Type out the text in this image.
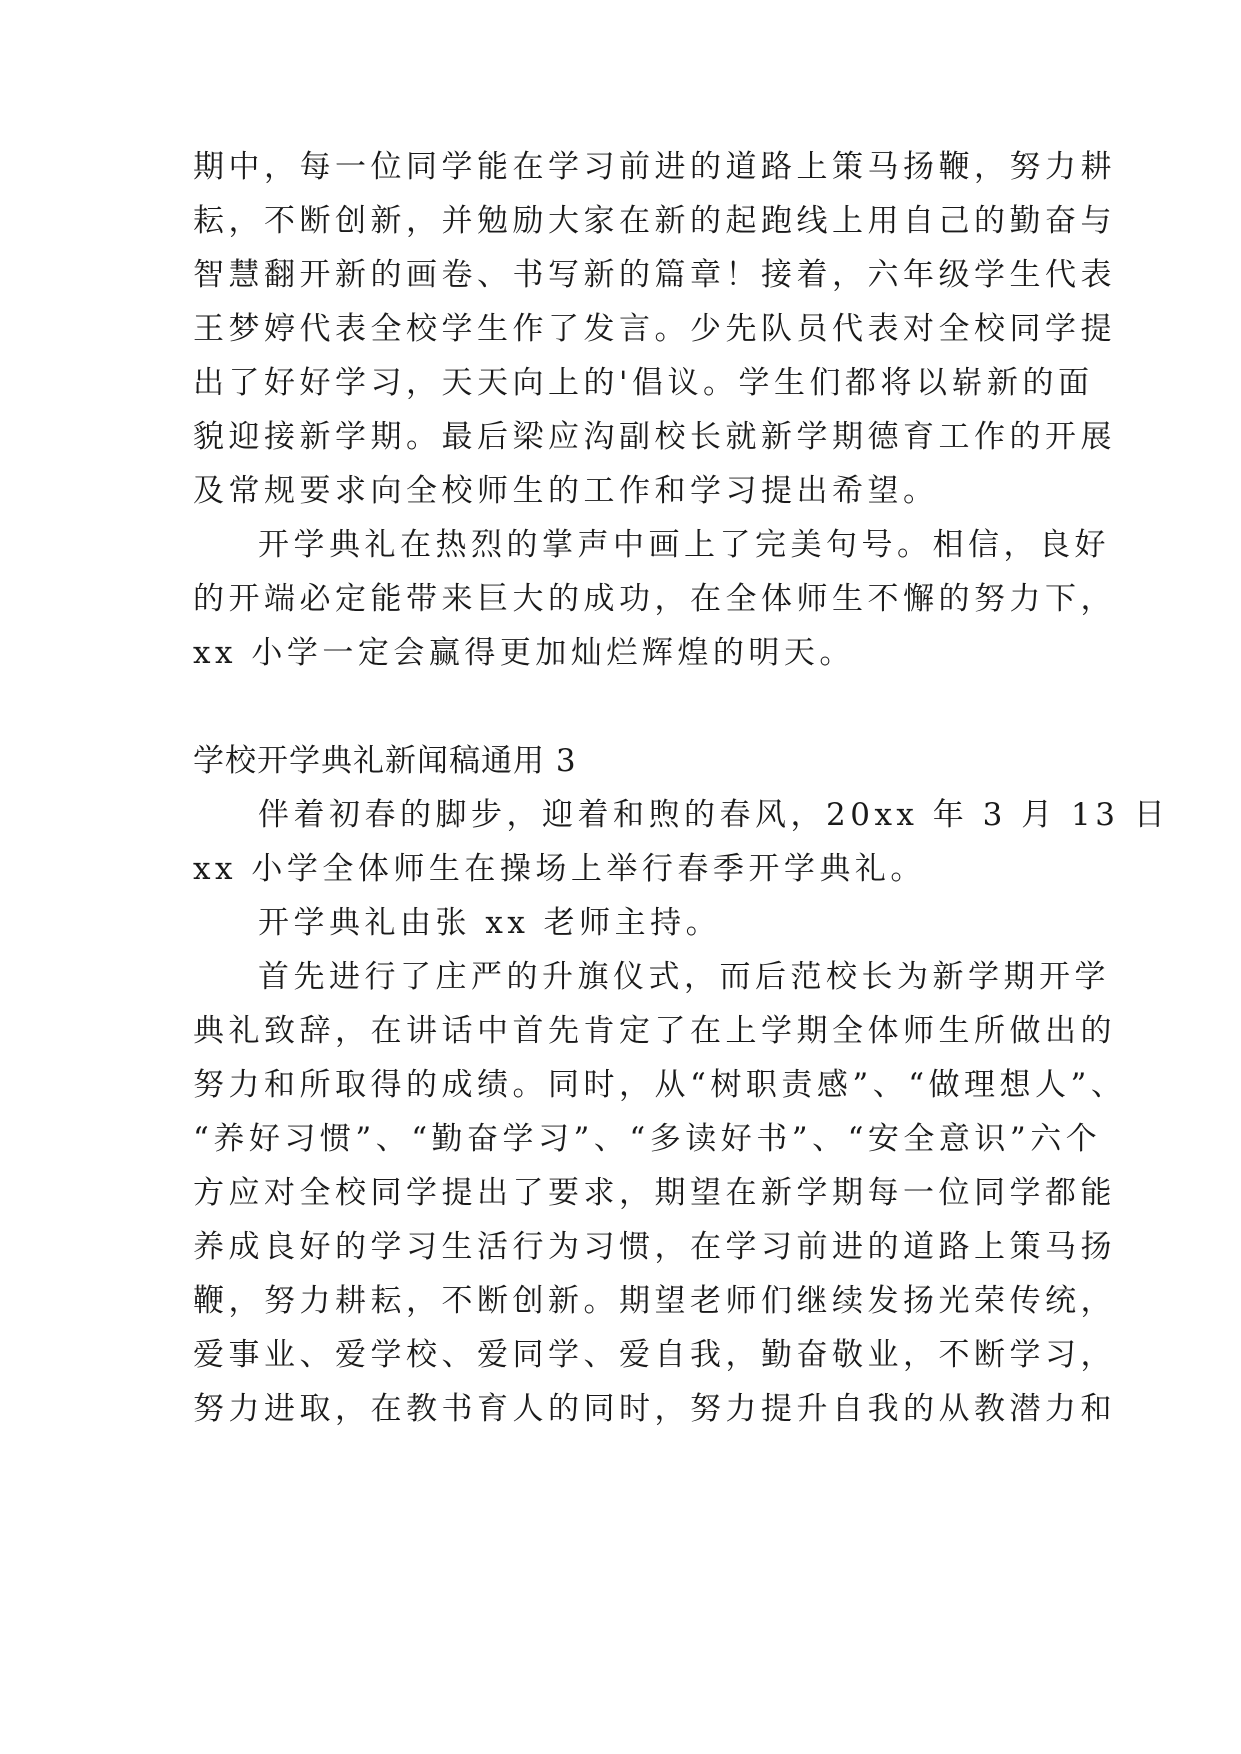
期中，每一位同学能在学习前进的道路上策马扬鞭，努力耕
耘，不断创新，并勉励大家在新的起跑线上用自己的勤奋与
智慧翻开新的画卷、书写新的篇章！接着，六年级学生代表
王梦婷代表全校学生作了发言。少先队员代表对全校同学提
出了好好学习，天天向上的'倡议。学生们都将以崭新的面
貌迎接新学期。最后梁应沟副校长就新学期德育工作的开展
及常规要求向全校师生的工作和学习提出希望。
开学典礼在热烈的掌声中画上了完美句号。相信，良好
的开端必定能带来巨大的成功，在全体师生不懈的努力下，
xx 小学一定会赢得更加灿烂辉煌的明天。
学校开学典礼新闻稿通用 3
伴着初春的脚步，迎着和煦的春风，20xx 年 3 月 13 日
xx 小学全体师生在操场上举行春季开学典礼。
开学典礼由张 xx 老师主持。
首先进行了庄严的升旗仪式，而后范校长为新学期开学
典礼致辞，在讲话中首先肯定了在上学期全体师生所做出的
努力和所取得的成绩。同时，从“树职责感”、“做理想人”、
“养好习惯”、“勤奋学习”、“多读好书”、“安全意识”六个
方应对全校同学提出了要求，期望在新学期每一位同学都能
养成良好的学习生活行为习惯，在学习前进的道路上策马扬
鞭，努力耕耘，不断创新。期望老师们继续发扬光荣传统，
爱事业、爱学校、爱同学、爱自我，勤奋敬业，不断学习，
努力进取，在教书育人的同时，努力提升自我的从教潜力和
